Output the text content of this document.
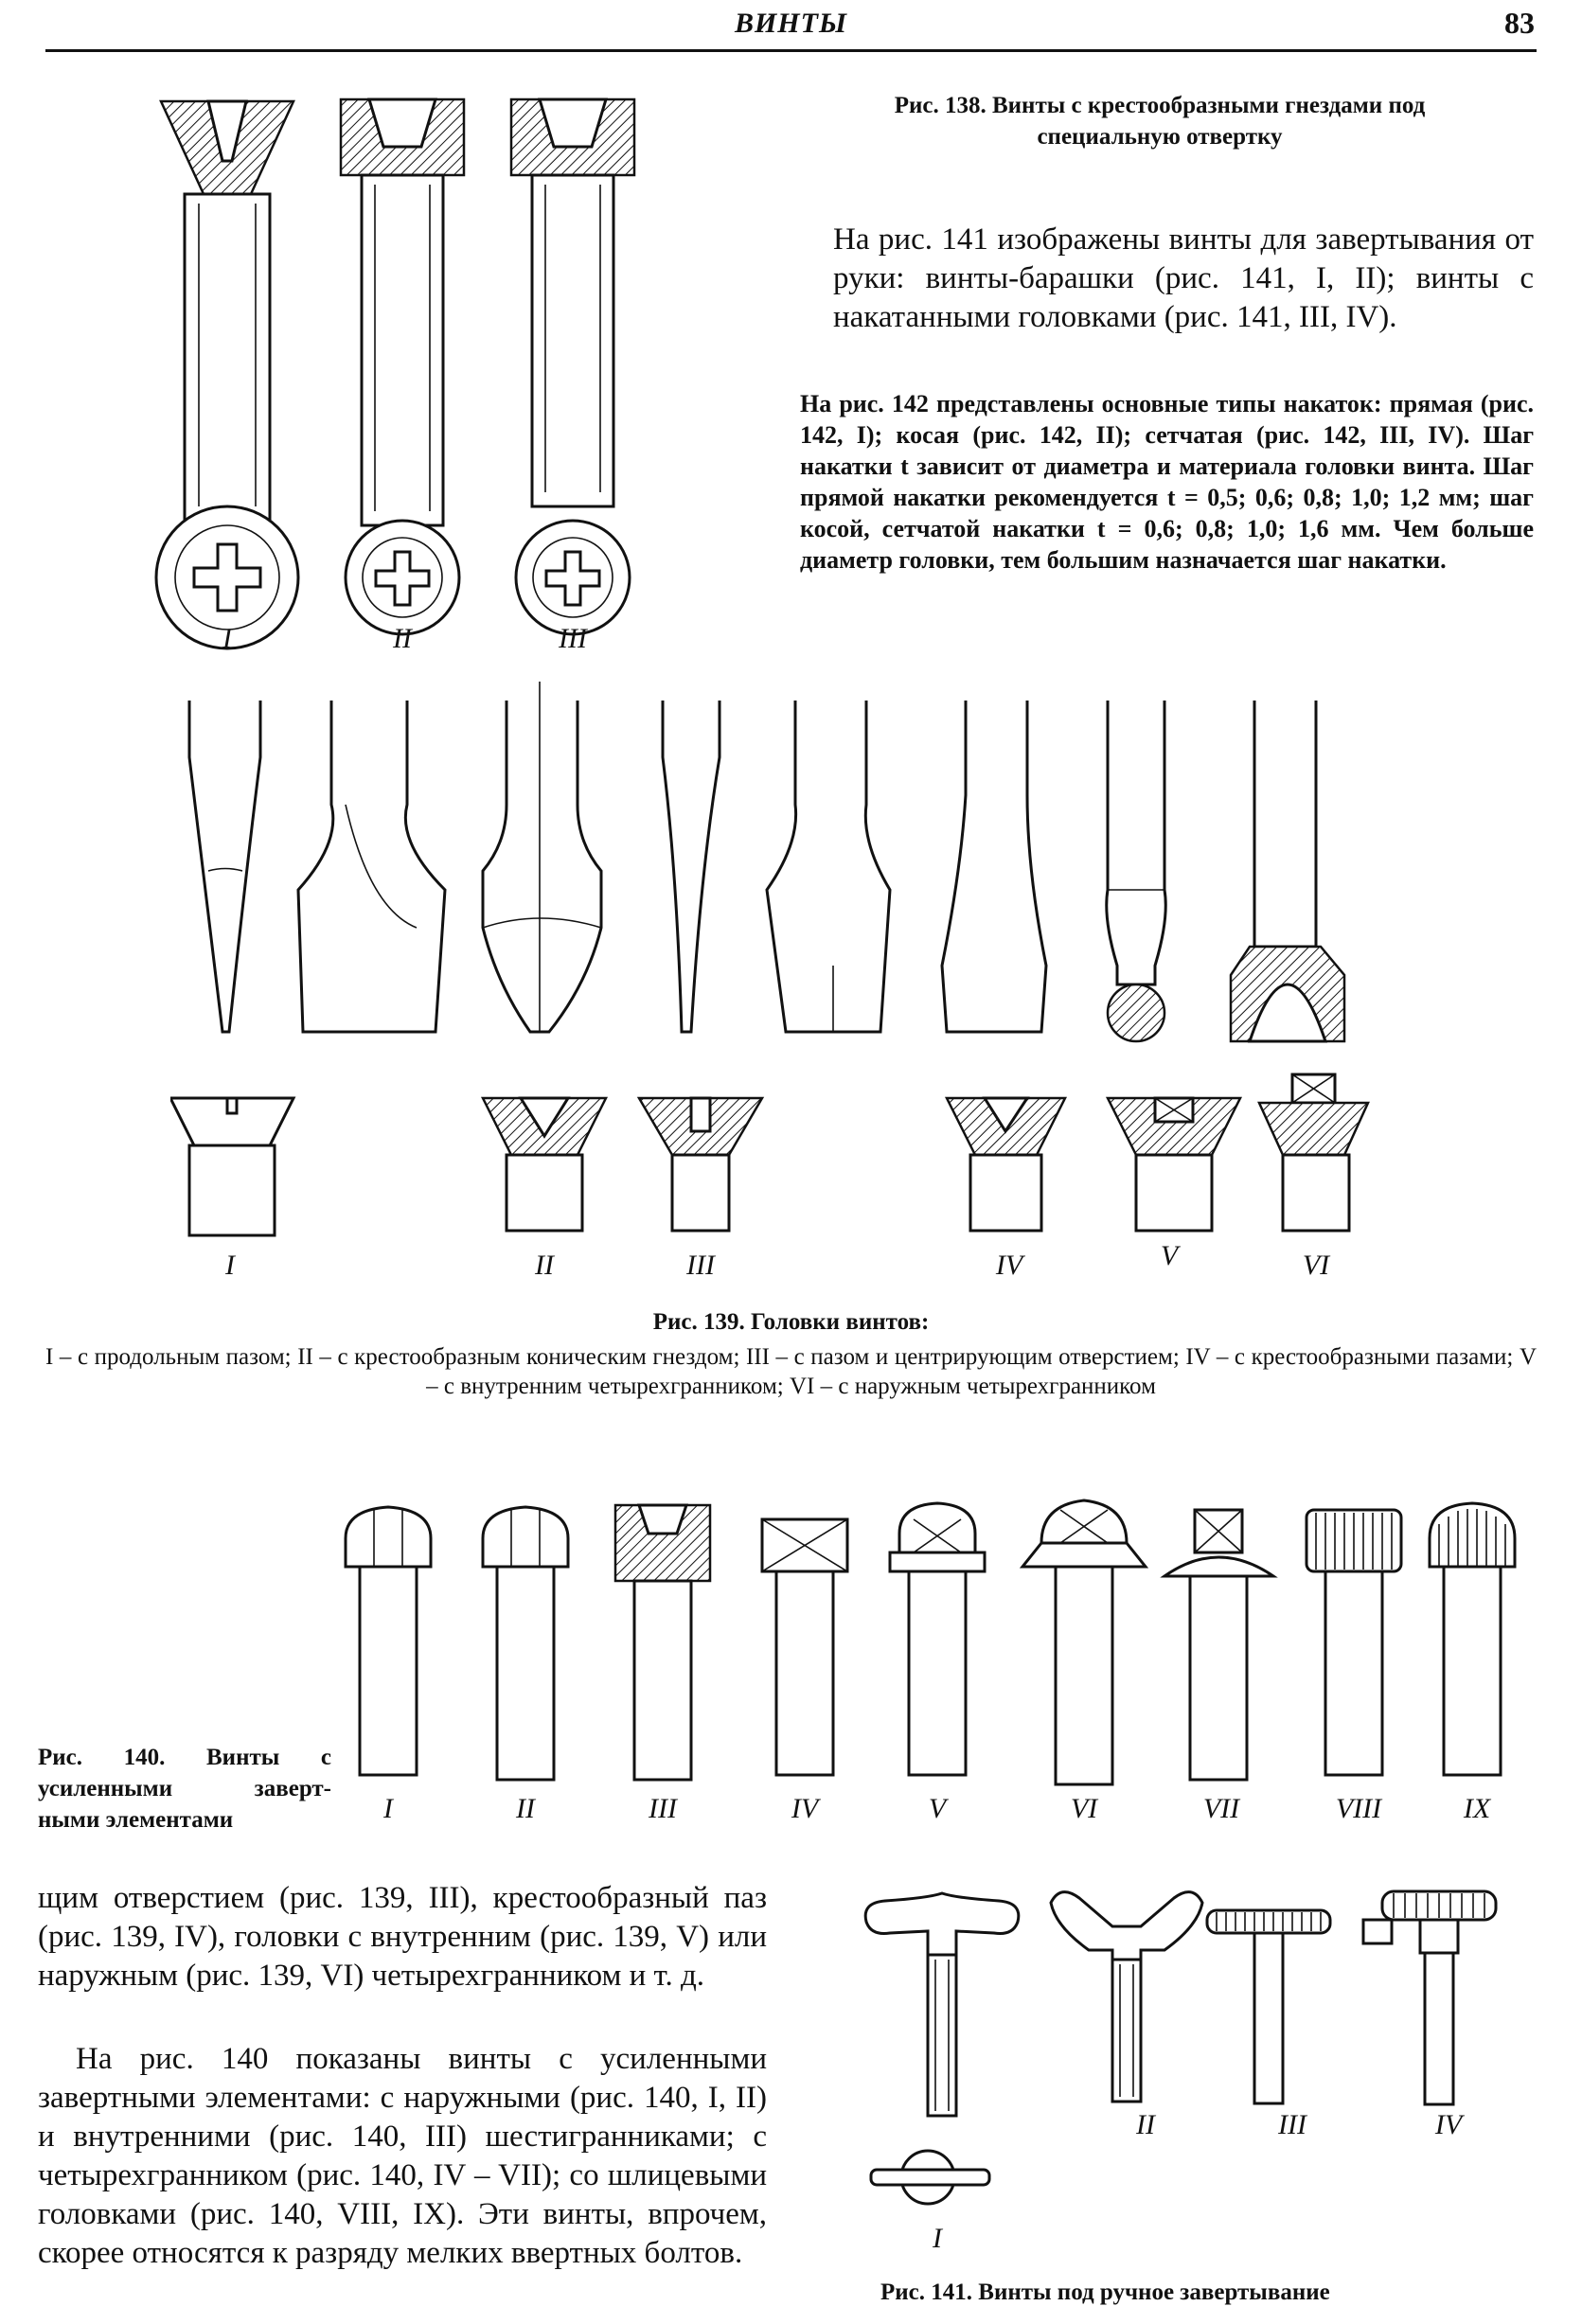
ВИНТЫ	83
I	II	III
Рис. 138. Винты с крестообразными гнездами под
специальную отвертку
На рис. 141 изображены винты для завертывания от руки: винты-барашки (рис. 141, I, II); винты с накатанными головками (рис. 141, III, IV).
На рис. 142 представлены основные типы накаток: прямая (рис. 142, I); косая (рис. 142, II); сетчатая (рис. 142, III, IV). Шаг накатки t зависит от диаметра и материала головки винта. Шаг прямой накатки рекомендуется t = 0,5; 0,6; 0,8; 1,0; 1,2 мм; шаг косой, сетчатой накатки t = 0,6; 0,8; 1,0; 1,6 мм. Чем больше диаметр головки, тем большим назначается шаг накатки.
I	II	III	IV	V	VI
Рис. 139. Головки винтов:
I – с продольным пазом; II – с крестообразным коническим гнездом; III – с пазом и центрирующим отверстием; IV – с крестообразными пазами; V – с внутренним четырехгранником; VI – с наружным четырехгранником
I	II	III	IV	V	VI	VII	VIII	IX
Рис. 140. Винты с
усиленными заверт-
ными элементами
щим отверстием (рис. 139, III), крестообразный паз (рис. 139, IV), головки с внутренним (рис. 139, V) или наружным (рис. 139, VI) четырехгранником и т. д.
На рис. 140 показаны винты с усиленными завертными элементами: с наружными (рис. 140, I, II) и внутренними (рис. 140, III) шестигранниками; с четырехгранником (рис. 140, IV – VII); со шлицевыми головками (рис. 140, VIII, IX). Эти винты, впрочем, скорее относятся к разряду мелких ввертных болтов.	I
II	III	IV
Рис. 141. Винты под ручное завертывание
